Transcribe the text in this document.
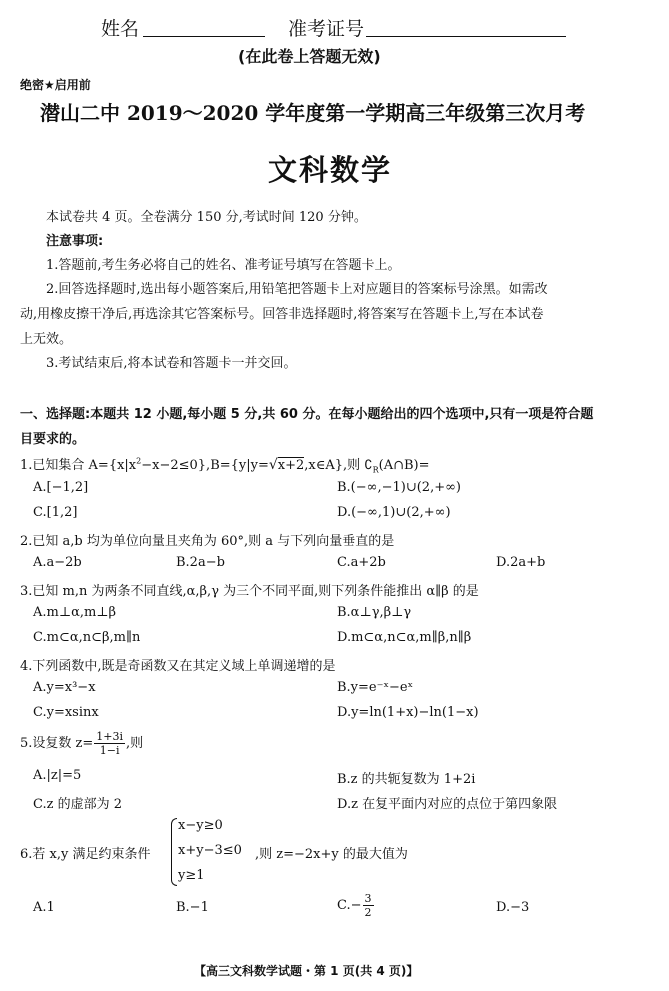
姓名	准考证号
(在此卷上答题无效)
绝密★启用前
潜山二中 2019～2020 学年度第一学期高三年级第三次月考
文科数学
本试卷共 4 页。全卷满分 150 分,考试时间 120 分钟。
注意事项:
1.答题前,考生务必将自己的姓名、准考证号填写在答题卡上。
2.回答选择题时,选出每小题答案后,用铅笔把答题卡上对应题目的答案标号涂黑。如需改
动,用橡皮擦干净后,再选涂其它答案标号。回答非选择题时,将答案写在答题卡上,写在本试卷
上无效。
3.考试结束后,将本试卷和答题卡一并交回。
一、选择题:本题共 12 小题,每小题 5 分,共 60 分。在每小题给出的四个选项中,只有一项是符合题
目要求的。
1.已知集合 $A=\{x|x^2-x-2\le 0\},B=\{y|y=√x+2,x\in A\}$,则 $∁_R(A\cap B)=$
A.[−1,2]	B.(−∞,−1)∪(2,+∞)
C.[1,2]	D.(−∞,1)∪(2,+∞)
2.已知 a,b 均为单位向量且夹角为 60°,则 a 与下列向量垂直的是
A.a−2b	B.2a−b	C.a+2b	D.2a+b
3.已知 m,n 为两条不同直线,α,β,γ 为三个不同平面,则下列条件能推出 α∥β 的是
A.m⊥α,m⊥β	B.α⊥γ,β⊥γ
C.m⊂α,n⊂β,m∥n	D.m⊂α,n⊂α,m∥β,n∥β
4.下列函数中,既是奇函数又在其定义域上单调递增的是
A.y=x³−x	B.y=e⁻ˣ−eˣ
C.y=xsinx	D.y=ln(1+x)−ln(1−x)
5.设复数 $z= \frac{1+3i}{1-i}$ ,则
A.|z|=5	B.z 的共轭复数为 1+2i
C.z 的虚部为 2	D.z 在复平面内对应的点位于第四象限
6.若 x,y 满足约束条件
x−y≥0
x+y−3≤0
y≥1
,则 z=−2x+y 的最大值为
A.1	B.−1	$C.- \frac{3}{2}$	D.−3
【高三文科数学试题・第 1 页(共 4 页)】
